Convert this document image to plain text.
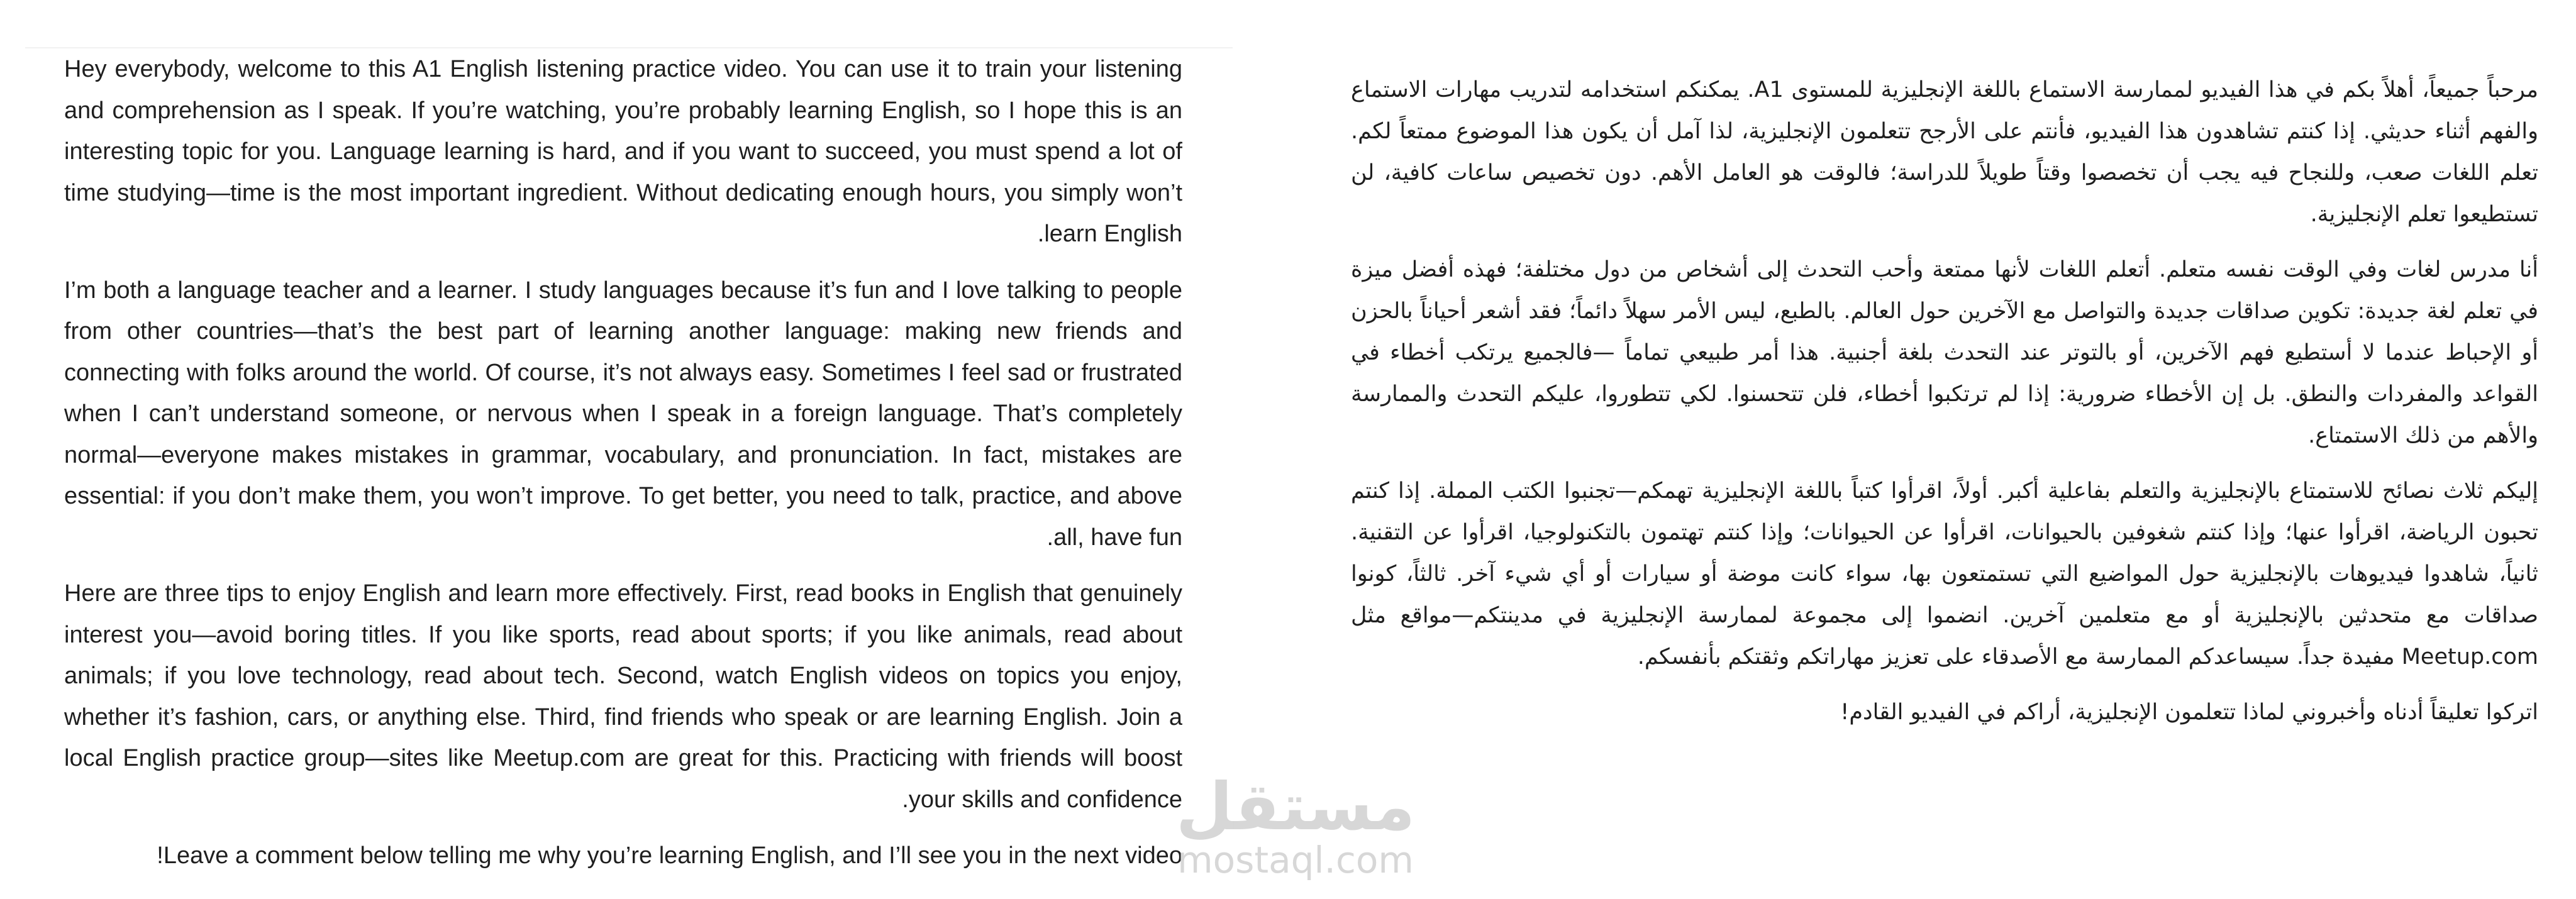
Hey everybody, welcome to this A1 English listening practice video. You can use it to train your listening and comprehension as I speak. If you’re watching, you’re probably learning English, so I hope this is an interesting topic for you. Language learning is hard, and if you want to succeed, you must spend a lot of time studying—time is the most important ingredient. Without dedicating enough hours, you simply won’t learn English.

I’m both a language teacher and a learner. I study languages because it’s fun and I love talking to people from other countries—that’s the best part of learning another language: making new friends and connecting with folks around the world. Of course, it’s not always easy. Sometimes I feel sad or frustrated when I can’t understand someone, or nervous when I speak in a foreign language. That’s completely normal—everyone makes mistakes in grammar, vocabulary, and pronunciation. In fact, mistakes are essential: if you don’t make them, you won’t improve. To get better, you need to talk, practice, and above all, have fun.

Here are three tips to enjoy English and learn more effectively. First, read books in English that genuinely interest you—avoid boring titles. If you like sports, read about sports; if you like animals, read about animals; if you love technology, read about tech. Second, watch English videos on topics you enjoy, whether it’s fashion, cars, or anything else. Third, find friends who speak or are learning English. Join a local English practice group—sites like Meetup.com are great for this. Practicing with friends will boost your skills and confidence.

Leave a comment below telling me why you’re learning English, and I’ll see you in the next video!

مرحباً جميعاً، أهلاً بكم في هذا الفيديو لممارسة الاستماع باللغة الإنجليزية للمستوى A1. يمكنكم استخدامه لتدريب مهارات الاستماع والفهم أثناء حديثي. إذا كنتم تشاهدون هذا الفيديو، فأنتم على الأرجح تتعلمون الإنجليزية، لذا آمل أن يكون هذا الموضوع ممتعاً لكم. تعلم اللغات صعب، وللنجاح فيه يجب أن تخصصوا وقتاً طويلاً للدراسة؛ فالوقت هو العامل الأهم. دون تخصيص ساعات كافية، لن تستطيعوا تعلم الإنجليزية.

أنا مدرس لغات وفي الوقت نفسه متعلم. أتعلم اللغات لأنها ممتعة وأحب التحدث إلى أشخاص من دول مختلفة؛ فهذه أفضل ميزة في تعلم لغة جديدة: تكوين صداقات جديدة والتواصل مع الآخرين حول العالم. بالطبع، ليس الأمر سهلاً دائماً؛ فقد أشعر أحياناً بالحزن أو الإحباط عندما لا أستطيع فهم الآخرين، أو بالتوتر عند التحدث بلغة أجنبية. هذا أمر طبيعي تماماً —فالجميع يرتكب أخطاء في القواعد والمفردات والنطق. بل إن الأخطاء ضرورية: إذا لم ترتكبوا أخطاء، فلن تتحسنوا. لكي تتطوروا، عليكم التحدث والممارسة والأهم من ذلك الاستمتاع.

إليكم ثلاث نصائح للاستمتاع بالإنجليزية والتعلم بفاعلية أكبر. أولاً، اقرأوا كتباً باللغة الإنجليزية تهمكم—تجنبوا الكتب المملة. إذا كنتم تحبون الرياضة، اقرأوا عنها؛ وإذا كنتم شغوفين بالحيوانات، اقرأوا عن الحيوانات؛ وإذا كنتم تهتمون بالتكنولوجيا، اقرأوا عن التقنية. ثانياً، شاهدوا فيديوهات بالإنجليزية حول المواضيع التي تستمتعون بها، سواء كانت موضة أو سيارات أو أي شيء آخر. ثالثاً، كونوا صداقات مع متحدثين بالإنجليزية أو مع متعلمين آخرين. انضموا إلى مجموعة لممارسة الإنجليزية في مدينتكم—مواقع مثل Meetup.com مفيدة جداً. سيساعدكم الممارسة مع الأصدقاء على تعزيز مهاراتكم وثقتكم بأنفسكم.

اتركوا تعليقاً أدناه وأخبروني لماذا تتعلمون الإنجليزية، أراكم في الفيديو القادم!

مستقل
mostaql.com
